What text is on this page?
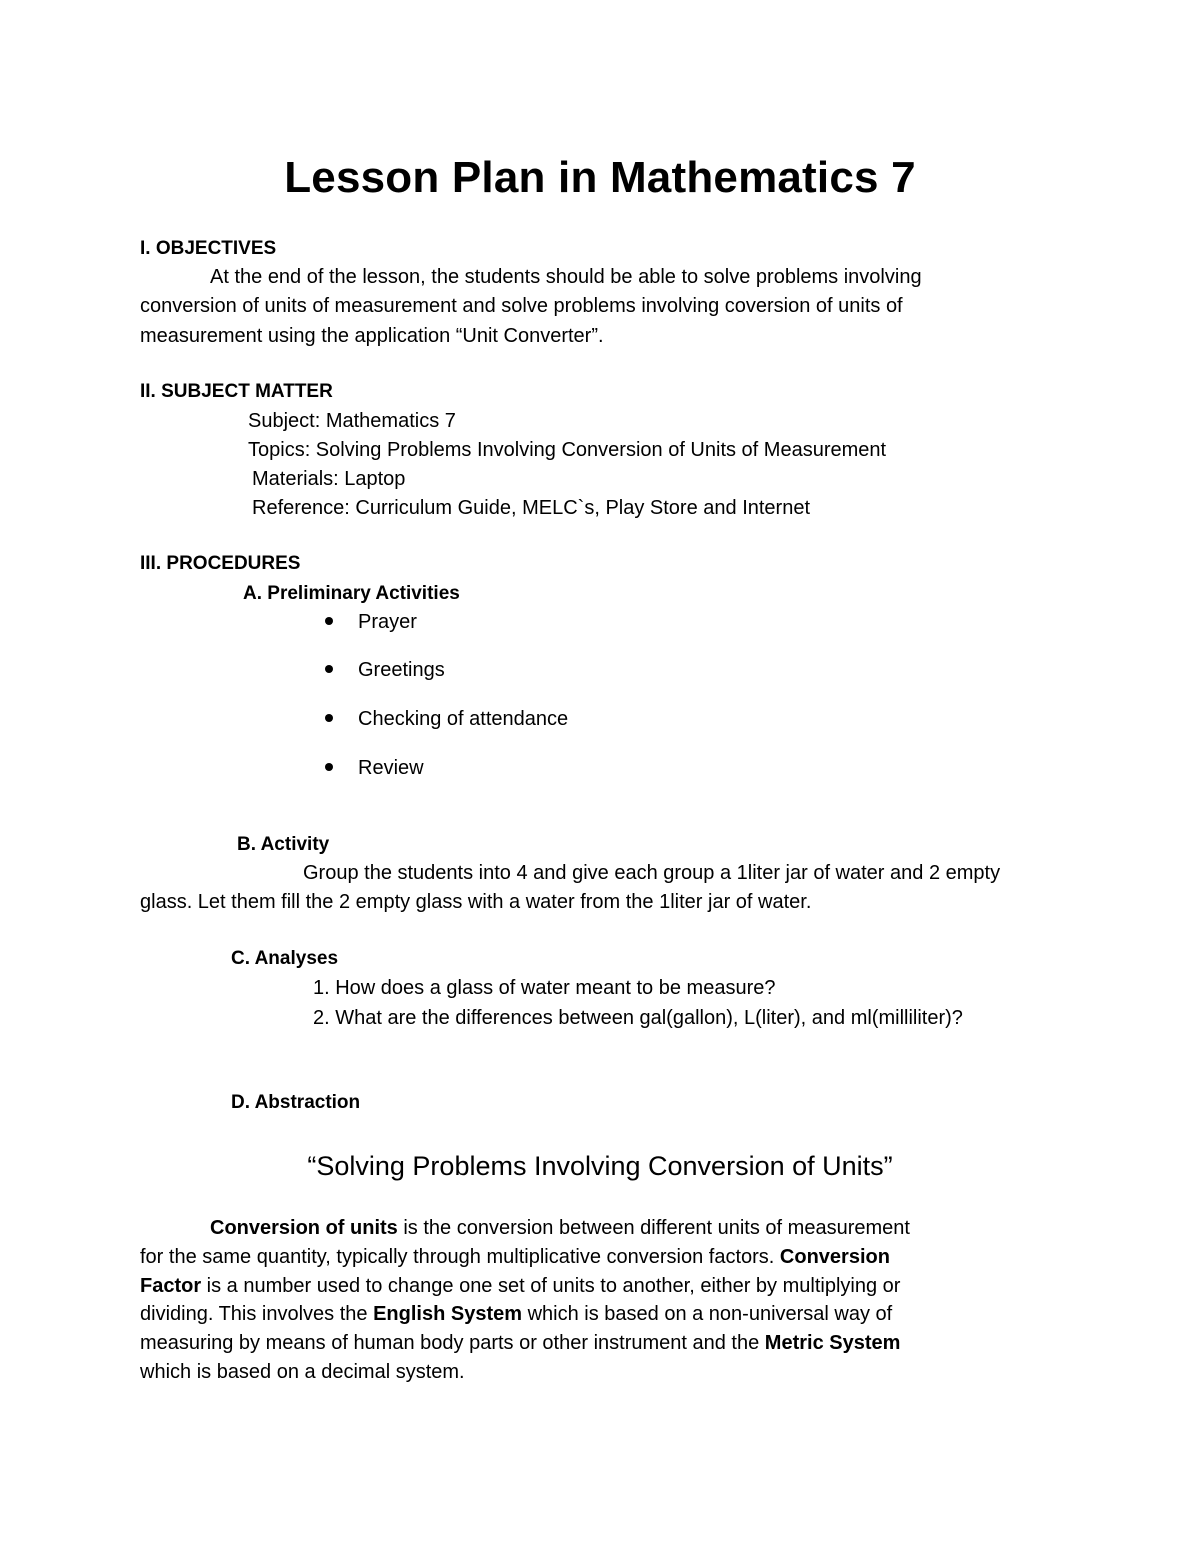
Lesson Plan in Mathematics 7
I. OBJECTIVES
At the end of the lesson, the students should be able to solve problems involving
conversion of units of measurement and solve problems involving coversion of units of
measurement using the application “Unit Converter”.
II. SUBJECT MATTER
Subject: Mathematics 7
Topics: Solving Problems Involving Conversion of Units of Measurement
Materials: Laptop
Reference: Curriculum Guide, MELC`s, Play Store and Internet
III. PROCEDURES
A. Preliminary Activities
Prayer
Greetings
Checking of attendance
Review
B. Activity
Group the students into 4 and give each group a 1liter jar of water and 2 empty
glass. Let them fill the 2 empty glass with a water from the 1liter jar of water.
C. Analyses
1. How does a glass of water meant to be measure?
2. What are the differences between gal(gallon), L(liter), and ml(milliliter)?
D. Abstraction
“Solving Problems Involving Conversion of Units”
Conversion of units is the conversion between different units of measurement
for the same quantity, typically through multiplicative conversion factors. Conversion
Factor is a number used to change one set of units to another, either by multiplying or
dividing. This involves the English System which is based on a non-universal way of
measuring by means of human body parts or other instrument and the Metric System
which is based on a decimal system.
